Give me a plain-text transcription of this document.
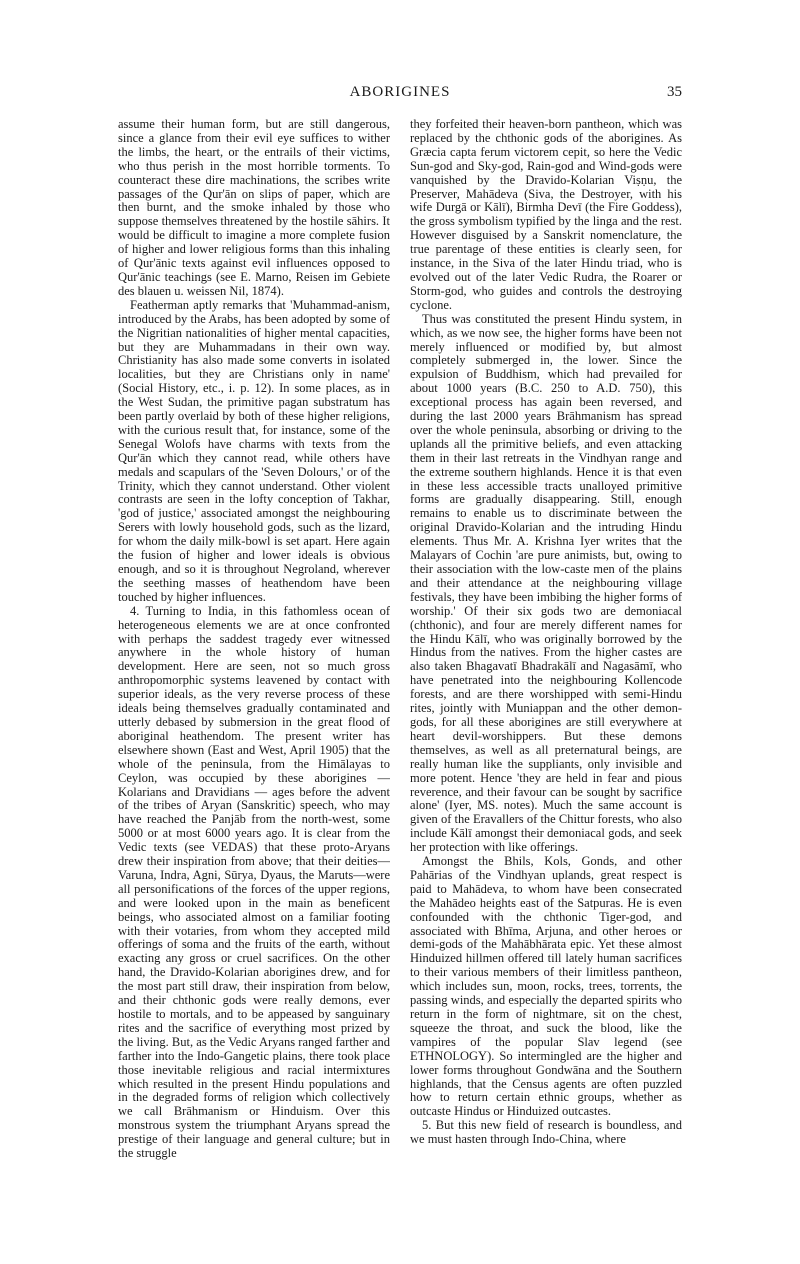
ABORIGINES	35

assume their human form, but are still dangerous, since a glance from their evil eye suffices to wither the limbs, the heart, or the entrails of their victims, who thus perish in the most horrible torments. To counteract these dire machinations, the scribes write passages of the Qur'ān on slips of paper, which are then burnt, and the smoke inhaled by those who suppose themselves threatened by the hostile sāhirs. It would be difficult to imagine a more complete fusion of higher and lower religious forms than this inhaling of Qur'ānic texts against evil influences opposed to Qur'ānic teachings (see E. Marno, Reisen im Gebiete des blauen u. weissen Nil, 1874).

Featherman aptly remarks that 'Muhammad-anism, introduced by the Arabs, has been adopted by some of the Nigritian nationalities of higher mental capacities, but they are Muhammadans in their own way. Christianity has also made some converts in isolated localities, but they are Christians only in name' (Social History, etc., i. p. 12). In some places, as in the West Sudan, the primitive pagan substratum has been partly overlaid by both of these higher religions, with the curious result that, for instance, some of the Senegal Wolofs have charms with texts from the Qur'ān which they cannot read, while others have medals and scapulars of the 'Seven Dolours,' or of the Trinity, which they cannot understand. Other violent contrasts are seen in the lofty conception of Takhar, 'god of justice,' associated amongst the neighbouring Serers with lowly household gods, such as the lizard, for whom the daily milk-bowl is set apart. Here again the fusion of higher and lower ideals is obvious enough, and so it is throughout Negroland, wherever the seething masses of heathendom have been touched by higher influences.

4. Turning to India, in this fathomless ocean of heterogeneous elements we are at once confronted with perhaps the saddest tragedy ever witnessed anywhere in the whole history of human development. Here are seen, not so much gross anthropomorphic systems leavened by contact with superior ideals, as the very reverse process of these ideals being themselves gradually contaminated and utterly debased by submersion in the great flood of aboriginal heathendom. The present writer has elsewhere shown (East and West, April 1905) that the whole of the peninsula, from the Himālayas to Ceylon, was occupied by these aborigines — Kolarians and Dravidians — ages before the advent of the tribes of Aryan (Sanskritic) speech, who may have reached the Panjāb from the north-west, some 5000 or at most 6000 years ago. It is clear from the Vedic texts (see VEDAS) that these proto-Aryans drew their inspiration from above; that their deities—Varuna, Indra, Agni, Sūrya, Dyaus, the Maruts—were all personifications of the forces of the upper regions, and were looked upon in the main as beneficent beings, who associated almost on a familiar footing with their votaries, from whom they accepted mild offerings of soma and the fruits of the earth, without exacting any gross or cruel sacrifices. On the other hand, the Dravido-Kolarian aborigines drew, and for the most part still draw, their inspiration from below, and their chthonic gods were really demons, ever hostile to mortals, and to be appeased by sanguinary rites and the sacrifice of everything most prized by the living. But, as the Vedic Aryans ranged farther and farther into the Indo-Gangetic plains, there took place those inevitable religious and racial intermixtures which resulted in the present Hindu populations and in the degraded forms of religion which collectively we call Brāhmanism or Hinduism. Over this monstrous system the triumphant Aryans spread the prestige of their language and general culture; but in the struggle

they forfeited their heaven-born pantheon, which was replaced by the chthonic gods of the aborigines. As Græcia capta ferum victorem cepit, so here the Vedic Sun-god and Sky-god, Rain-god and Wind-gods were vanquished by the Dravido-Kolarian Viṣṇu, the Preserver, Mahādeva (Siva, the Destroyer, with his wife Durgā or Kālī), Birmha Devī (the Fire Goddess), the gross symbolism typified by the linga and the rest. However disguised by a Sanskrit nomenclature, the true parentage of these entities is clearly seen, for instance, in the Siva of the later Hindu triad, who is evolved out of the later Vedic Rudra, the Roarer or Storm-god, who guides and controls the destroying cyclone.

Thus was constituted the present Hindu system, in which, as we now see, the higher forms have been not merely influenced or modified by, but almost completely submerged in, the lower. Since the expulsion of Buddhism, which had prevailed for about 1000 years (B.C. 250 to A.D. 750), this exceptional process has again been reversed, and during the last 2000 years Brāhmanism has spread over the whole peninsula, absorbing or driving to the uplands all the primitive beliefs, and even attacking them in their last retreats in the Vindhyan range and the extreme southern highlands. Hence it is that even in these less accessible tracts unalloyed primitive forms are gradually disappearing. Still, enough remains to enable us to discriminate between the original Dravido-Kolarian and the intruding Hindu elements. Thus Mr. A. Krishna Iyer writes that the Malayars of Cochin 'are pure animists, but, owing to their association with the low-caste men of the plains and their attendance at the neighbouring village festivals, they have been imbibing the higher forms of worship.' Of their six gods two are demoniacal (chthonic), and four are merely different names for the Hindu Kālī, who was originally borrowed by the Hindus from the natives. From the higher castes are also taken Bhagavatī Bhadrakālī and Nagasāmī, who have penetrated into the neighbouring Kollencode forests, and are there worshipped with semi-Hindu rites, jointly with Muniappan and the other demon-gods, for all these aborigines are still everywhere at heart devil-worshippers. But these demons themselves, as well as all preternatural beings, are really human like the suppliants, only invisible and more potent. Hence 'they are held in fear and pious reverence, and their favour can be sought by sacrifice alone' (Iyer, MS. notes). Much the same account is given of the Eravallers of the Chittur forests, who also include Kālī amongst their demoniacal gods, and seek her protection with like offerings.

Amongst the Bhils, Kols, Gonds, and other Pahārias of the Vindhyan uplands, great respect is paid to Mahādeva, to whom have been consecrated the Mahādeo heights east of the Satpuras. He is even confounded with the chthonic Tiger-god, and associated with Bhīma, Arjuna, and other heroes or demi-gods of the Mahābhārata epic. Yet these almost Hinduized hillmen offered till lately human sacrifices to their various members of their limitless pantheon, which includes sun, moon, rocks, trees, torrents, the passing winds, and especially the departed spirits who return in the form of nightmare, sit on the chest, squeeze the throat, and suck the blood, like the vampires of the popular Slav legend (see ETHNOLOGY). So intermingled are the higher and lower forms throughout Gondwāna and the Southern highlands, that the Census agents are often puzzled how to return certain ethnic groups, whether as outcaste Hindus or Hinduized outcastes.

5. But this new field of research is boundless, and we must hasten through Indo-China, where
